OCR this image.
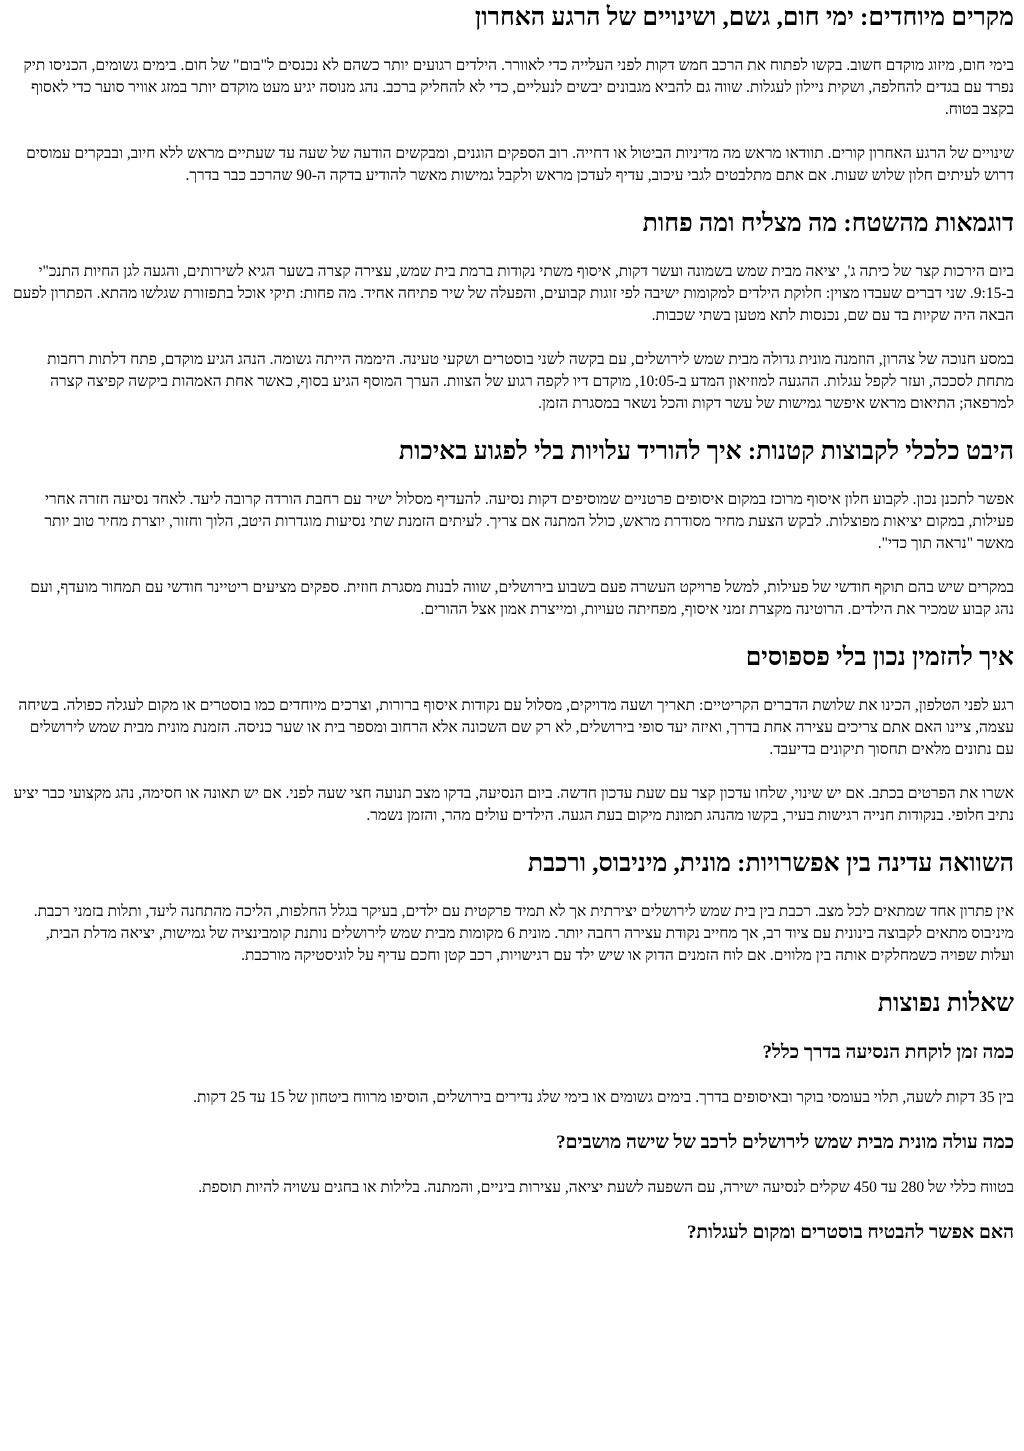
מקרים מיוחדים: ימי חום, גשם, ושינויים של הרגע האחרון

בימי חום, מיזוג מוקדם חשוב. בקשו לפתוח את הרכב חמש דקות לפני העלייה כדי לאוורר. הילדים רגועים יותר כשהם לא נכנסים ל"בום" של חום. בימים גשומים, הכניסו תיק נפרד עם בגדים להחלפה, ושקית ניילון לעגלות. שווה גם להביא מגבונים יבשים לנעליים, כדי לא להחליק ברכב. נהג מנוסה יגיע מעט מוקדם יותר במזג אוויר סוער כדי לאסוף בקצב בטוח.

שינויים של הרגע האחרון קורים. תוודאו מראש מה מדיניות הביטול או דחייה. רוב הספקים הוגנים, ומבקשים הודעה של שעה עד שעתיים מראש ללא חיוב, ובבקרים עמוסים דרוש לעיתים חלון שלוש שעות. אם אתם מתלבטים לגבי עיכוב, עדיף לעדכן מראש ולקבל גמישות מאשר להודיע בדקה ה-90 שהרכב כבר בדרך.

דוגמאות מהשטח: מה מצליח ומה פחות

ביום הירכות קצר של כיתה ג', יציאה מבית שמש בשמונה ועשר דקות, איסוף משתי נקודות ברמת בית שמש, עצירה קצרה בשער הגיא לשירותים, והגעה לגן החיות התנכ"י ב-9:15. שני דברים שעבדו מצוין: חלוקת הילדים למקומות ישיבה לפי זוגות קבועים, והפעלה של שיר פתיחה אחיד. מה פחות: תיקי אוכל בתפזורת שגלשו מהתא. הפתרון לפעם הבאה היה שקיות בד עם שם, נכנסות לתא מטען בשתי שכבות.

במסע חנוכה של צהרון, הוזמנה מונית גדולה מבית שמש לירושלים, עם בקשה לשני בוסטרים ושקעי טעינה. היממה הייתה גשומה. הנהג הגיע מוקדם, פתח דלתות רחבות מתחת לסככה, ועזר לקפל עגלות. ההגעה למוזיאון המדע ב-10:05, מוקדם דיו לקפה רגוע של הצוות. הערך המוסף הגיע בסוף, כאשר אחת האמהות ביקשה קפיצה קצרה למרפאה; התיאום מראש איפשר גמישות של עשר דקות והכל נשאר במסגרת הזמן.

היבט כלכלי לקבוצות קטנות: איך להוריד עלויות בלי לפגוע באיכות

אפשר לתכנן נכון. לקבוע חלון איסוף מרוכז במקום איסופים פרטניים שמוסיפים דקות נסיעה. להעדיף מסלול ישיר עם רחבת הורדה קרובה ליעד. לאחד נסיעה חזרה אחרי פעילות, במקום יציאות מפוצלות. לבקש הצעת מחיר מסודרת מראש, כולל המתנה אם צריך. לעיתים הזמנת שתי נסיעות מוגדרות היטב, הלוך וחזור, יוצרת מחיר טוב יותר מאשר "נראה תוך כדי".

במקרים שיש בהם תוקף חודשי של פעילות, למשל פרויקט העשרה פעם בשבוע בירושלים, שווה לבנות מסגרת חוזית. ספקים מציעים ריטיינר חודשי עם תמחור מועדף, ועם נהג קבוע שמכיר את הילדים. הרוטינה מקצרת זמני איסוף, מפחיתה טעויות, ומייצרת אמון אצל ההורים.

איך להזמין נכון בלי פספוסים

רגע לפני הטלפון, הכינו את שלושת הדברים הקריטיים: תאריך ושעה מדויקים, מסלול עם נקודות איסוף ברורות, וצרכים מיוחדים כמו בוסטרים או מקום לעגלה כפולה. בשיחה עצמה, ציינו האם אתם צריכים עצירה אחת בדרך, ואיזה יעד סופי בירושלים, לא רק שם השכונה אלא הרחוב ומספר בית או שער כניסה. הזמנת מונית מבית שמש לירושלים עם נתונים מלאים תחסוך תיקונים בדיעבד.

אשרו את הפרטים בכתב. אם יש שינוי, שלחו עדכון קצר עם שעת עדכון חדשה. ביום הנסיעה, בדקו מצב תנועה חצי שעה לפני. אם יש תאונה או חסימה, נהג מקצועי כבר יציע נתיב חלופי. בנקודות חנייה רגישות בעיר, בקשו מהנהג תמונת מיקום בעת הגעה. הילדים עולים מהר, והזמן נשמר.

השוואה עדינה בין אפשרויות: מונית, מיניבוס, ורכבת

אין פתרון אחד שמתאים לכל מצב. רכבת בין בית שמש לירושלים יצירתית אך לא תמיד פרקטית עם ילדים, בעיקר בגלל החלפות, הליכה מהתחנה ליעד, ותלות בזמני רכבת. מיניבוס מתאים לקבוצה בינונית עם ציוד רב, אך מחייב נקודת עצירה רחבה יותר. מונית 6 מקומות מבית שמש לירושלים נותנת קומבינציה של גמישות, יציאה מדלת הבית, ועלות שפויה כשמחלקים אותה בין מלווים. אם לוח הזמנים הדוק או שיש ילד עם רגישויות, רכב קטן וחכם עדיף על לוגיסטיקה מורכבת.

שאלות נפוצות
כמה זמן לוקחת הנסיעה בדרך כלל?

בין 35 דקות לשעה, תלוי בעומסי בוקר ובאיסופים בדרך. בימים גשומים או בימי שלג נדירים בירושלים, הוסיפו מרווח ביטחון של 15 עד 25 דקות.

כמה עולה מונית מבית שמש לירושלים לרכב של שישה מושבים?

בטווח כללי של 280 עד 450 שקלים לנסיעה ישירה, עם השפעה לשעת יציאה, עצירות ביניים, והמתנה. בלילות או בחגים עשויה להיות תוספת.

האם אפשר להבטיח בוסטרים ומקום לעגלות?
